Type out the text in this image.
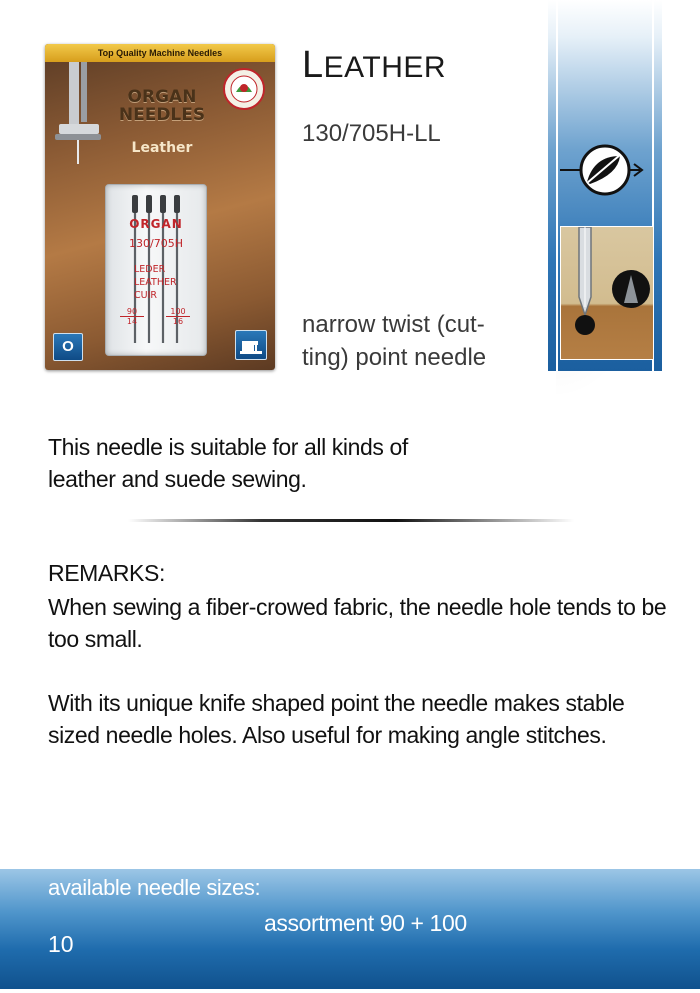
Top Quality Machine Needles
ORGAN
NEEDLES
Leather
ORGAN
130/705H
LEDER
LEATHER
CUIR
90
14
100
16
O
LEATHER
130/705H-LL
narrow twist (cut-
ting) point needle

This needle is suitable for all kinds of
leather and suede sewing.

REMARKS:

When sewing a fiber-crowed fabric, the needle hole tends to be too small.

With its unique knife shaped point the needle makes stable sized needle holes. Also useful for making angle stitches.

available needle sizes:
assortment 90 + 100
10
